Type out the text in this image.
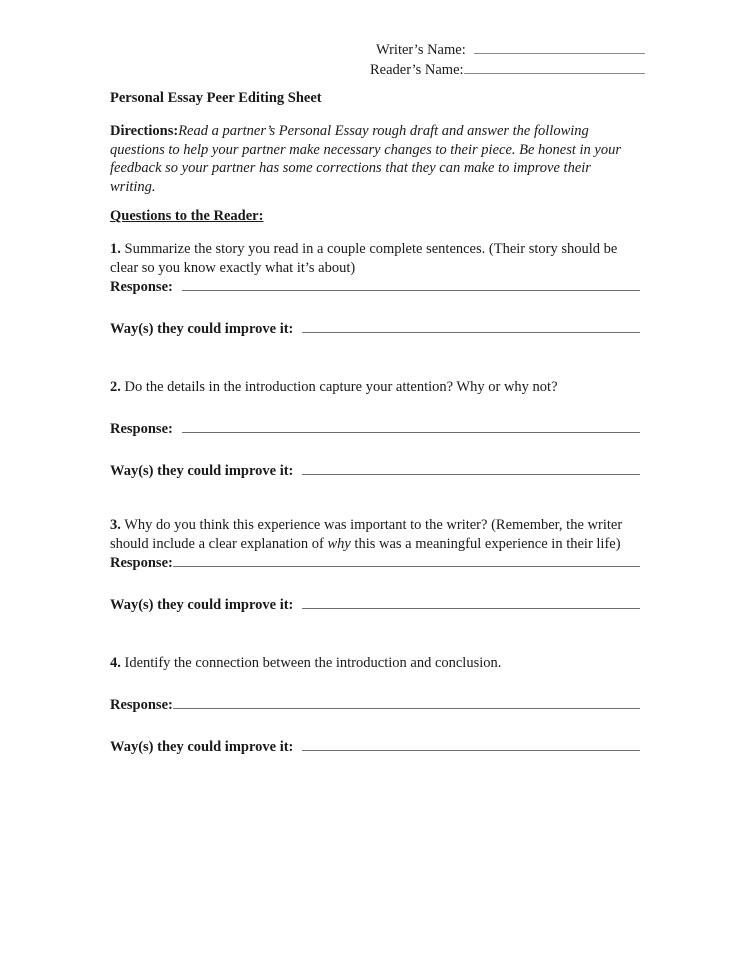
Writer’s Name:
Reader’s Name:
Personal Essay Peer Editing Sheet
Directions:Read a partner’s Personal Essay rough draft and answer the following questions to help your partner make necessary changes to their piece. Be honest in your feedback so your partner has some corrections that they can make to improve their writing.
Questions to the Reader:
1. Summarize the story you read in a couple complete sentences. (Their story should be clear so you know exactly what it’s about)
Response:
Way(s) they could improve it:
2. Do the details in the introduction capture your attention? Why or why not?
Response:
Way(s) they could improve it:
3. Why do you think this experience was important to the writer? (Remember, the writer should include a clear explanation of why this was a meaningful experience in their life)
Response:
Way(s) they could improve it:
4. Identify the connection between the introduction and conclusion.
Response:
Way(s) they could improve it:
